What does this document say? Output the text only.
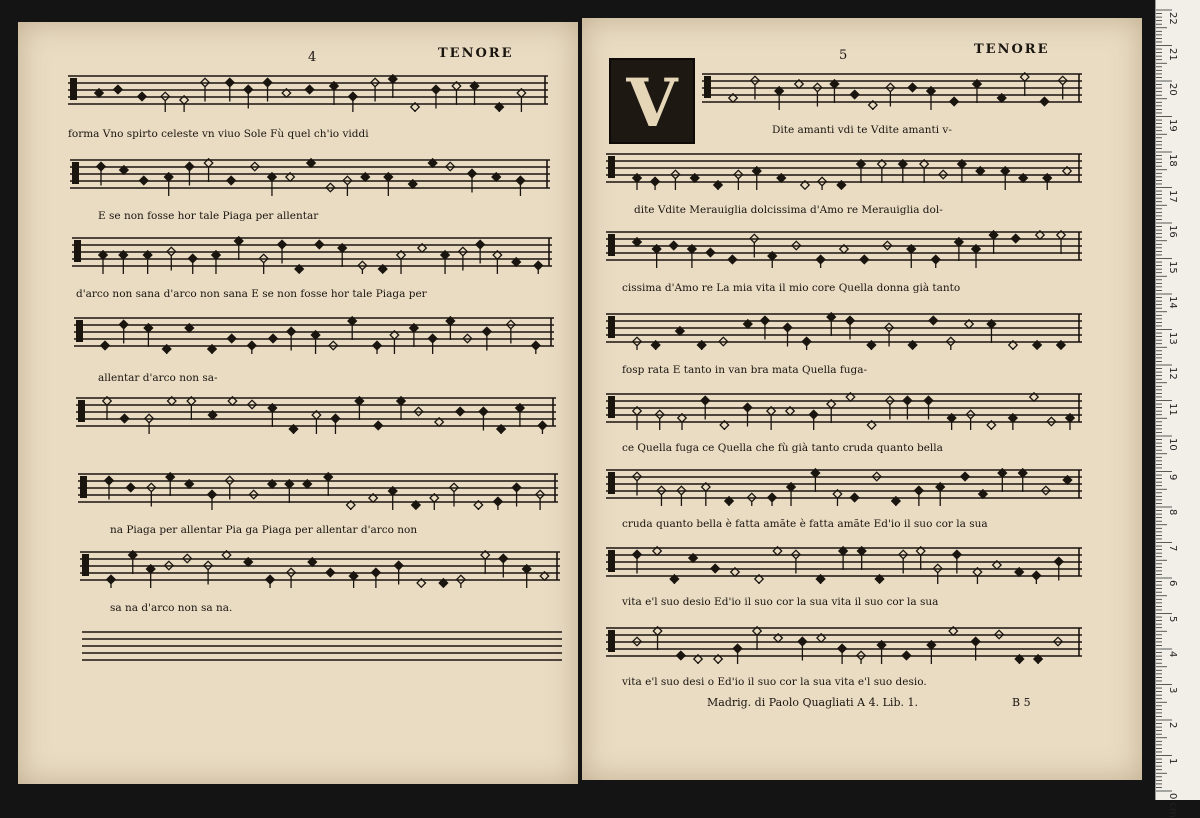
4	TENORE
forma Vno spirto celeste vn viuo Sole Fù quel ch'io viddi
E se non fosse hor tale Piaga per allentar
d'arco non sana d'arco non sana E se non fosse hor tale Piaga per
allentar d'arco non sa-
na Piaga per allentar Pia ga Piaga per allentar d'arco non
sa na d'arco non sa na.
5	TENORE
V	Dite amanti vdi te Vdite amanti v-
dite Vdite Merauiglia dolcissima d'Amo re Merauiglia dol-
cissima d'Amo re La mia vita il mio core Quella donna già tanto
fosp rata E tanto in van bra mata Quella fuga-
ce Quella fuga ce Quella che fù già tanto cruda quanto bella
cruda quanto bella è fatta amãte è fatta amãte Ed'io il suo cor la sua
vita e'l suo desio Ed'io il suo cor la sua vita il suo cor la sua
vita e'l suo desi o Ed'io il suo cor la sua vita e'l suo desio.
Madrig. di Paolo Quagliati A 4. Lib. 1.	B 5
22
21
20
19
18
17
16
15
14
13
12
11
10
9
8
7
6
5
4
3
2
1
0 cm
